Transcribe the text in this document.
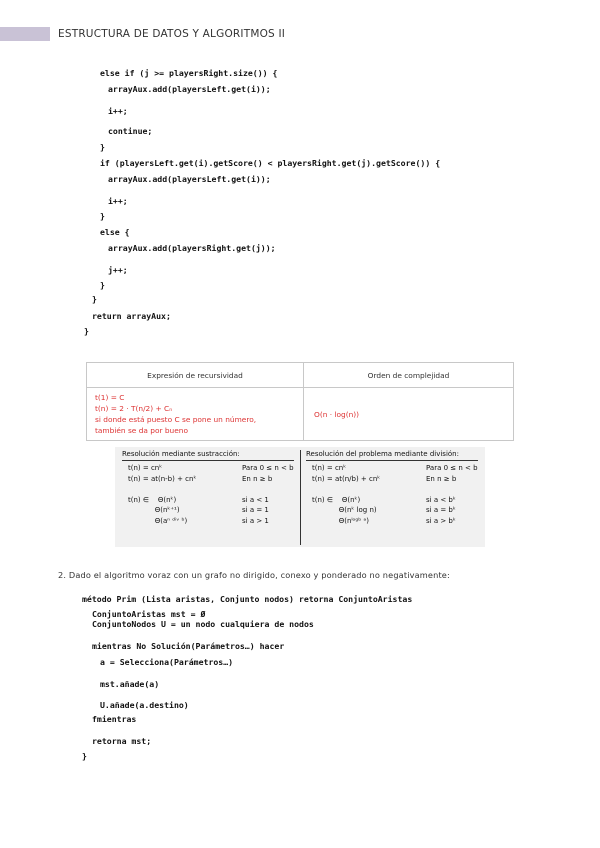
ESTRUCTURA DE DATOS Y ALGORITMOS II
else if (j >= playersRight.size()) {
arrayAux.add(playersLeft.get(i));
i++;
continue;
}
if (playersLeft.get(i).getScore() < playersRight.get(j).getScore()) {
arrayAux.add(playersLeft.get(i));
i++;
}
else {
arrayAux.add(playersRight.get(j));
j++;
}
}
return arrayAux;
}
Expresión de recursividad	Orden de complejidad

t(1) = C
t(n) = 2 · T(n/2) + Cₙ
si donde está puesto C se pone un número,
también se da por bueno	O(n · log(n))
Resolución mediante sustracción:
t(n) = cnᵏ	Para 0 ≤ n < b
t(n) = at(n-b) + cnᵏ	En n ≥ b
t(n) ∈    Θ(nᵏ)	si a < 1
Θ(nᵏ⁺¹)	si a = 1
Θ(aⁿ ᵈⁱᵛ ᵇ)	si a > 1
Resolución del problema mediante división:
t(n) = cnᵏ	Para 0 ≤ n < b
t(n) = at(n/b) + cnᵏ	En n ≥ b
t(n) ∈    Θ(nᵏ)	si a < bᵏ
Θ(nᵏ log n)	si a = bᵏ
Θ(nˡᵒᵍᵇ ᵃ)	si a > bᵏ
2. Dado el algoritmo voraz con un grafo no dirigido, conexo y ponderado no negativamente:
método Prim (Lista aristas, Conjunto nodos) retorna ConjuntoAristas
ConjuntoAristas mst = Ø
ConjuntoNodos U = un nodo cualquiera de nodos
mientras No Solución(Parámetros…) hacer
a = Selecciona(Parámetros…)
mst.añade(a)
U.añade(a.destino)
fmientras
retorna mst;
}
